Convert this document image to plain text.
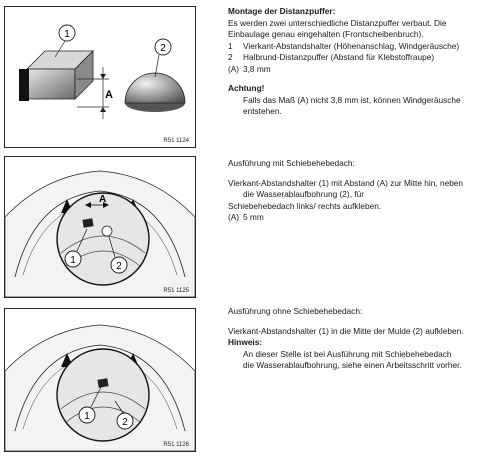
A
1
2
R51 1124
A
1
2
R51 1125
1
2
R51 1126

Montage der Distanzpuffer:

Es werden zwei unterschiedliche Distanzpuffer verbaut. Die

Einbaulage genau eingehalten (Frontscheibenbruch).

1	Vierkant-Abstandshalter (Höhenanschlag, Windgeräusche)
2	Halbrund-Distanzpuffer (Abstand für Klebstoffraupe)
(A) 3,8 mm

Achtung!

Falls das Maß (A) nicht 3,8 mm ist, können Windgeräusche

entstehen.

Ausführung mit Schiebehebedach:

Vierkant-Abstandshalter (1) mit Abstand (A) zur Mitte hin, neben

die Wasserablaufbohrung (2), für

Schiebehebedach links/ rechts aufkleben.

(A) 5 mm

Ausführung ohne Schiebehebedach:

Vierkant-Abstandshalter (1) in die Mitte der Mulde (2) aufkleben.

Hinweis:

An dieser Stelle ist bei Ausführung mit Schiebehebedach

die Wasserablaufbohrung, siehe einen Arbeitsschritt vorher.
